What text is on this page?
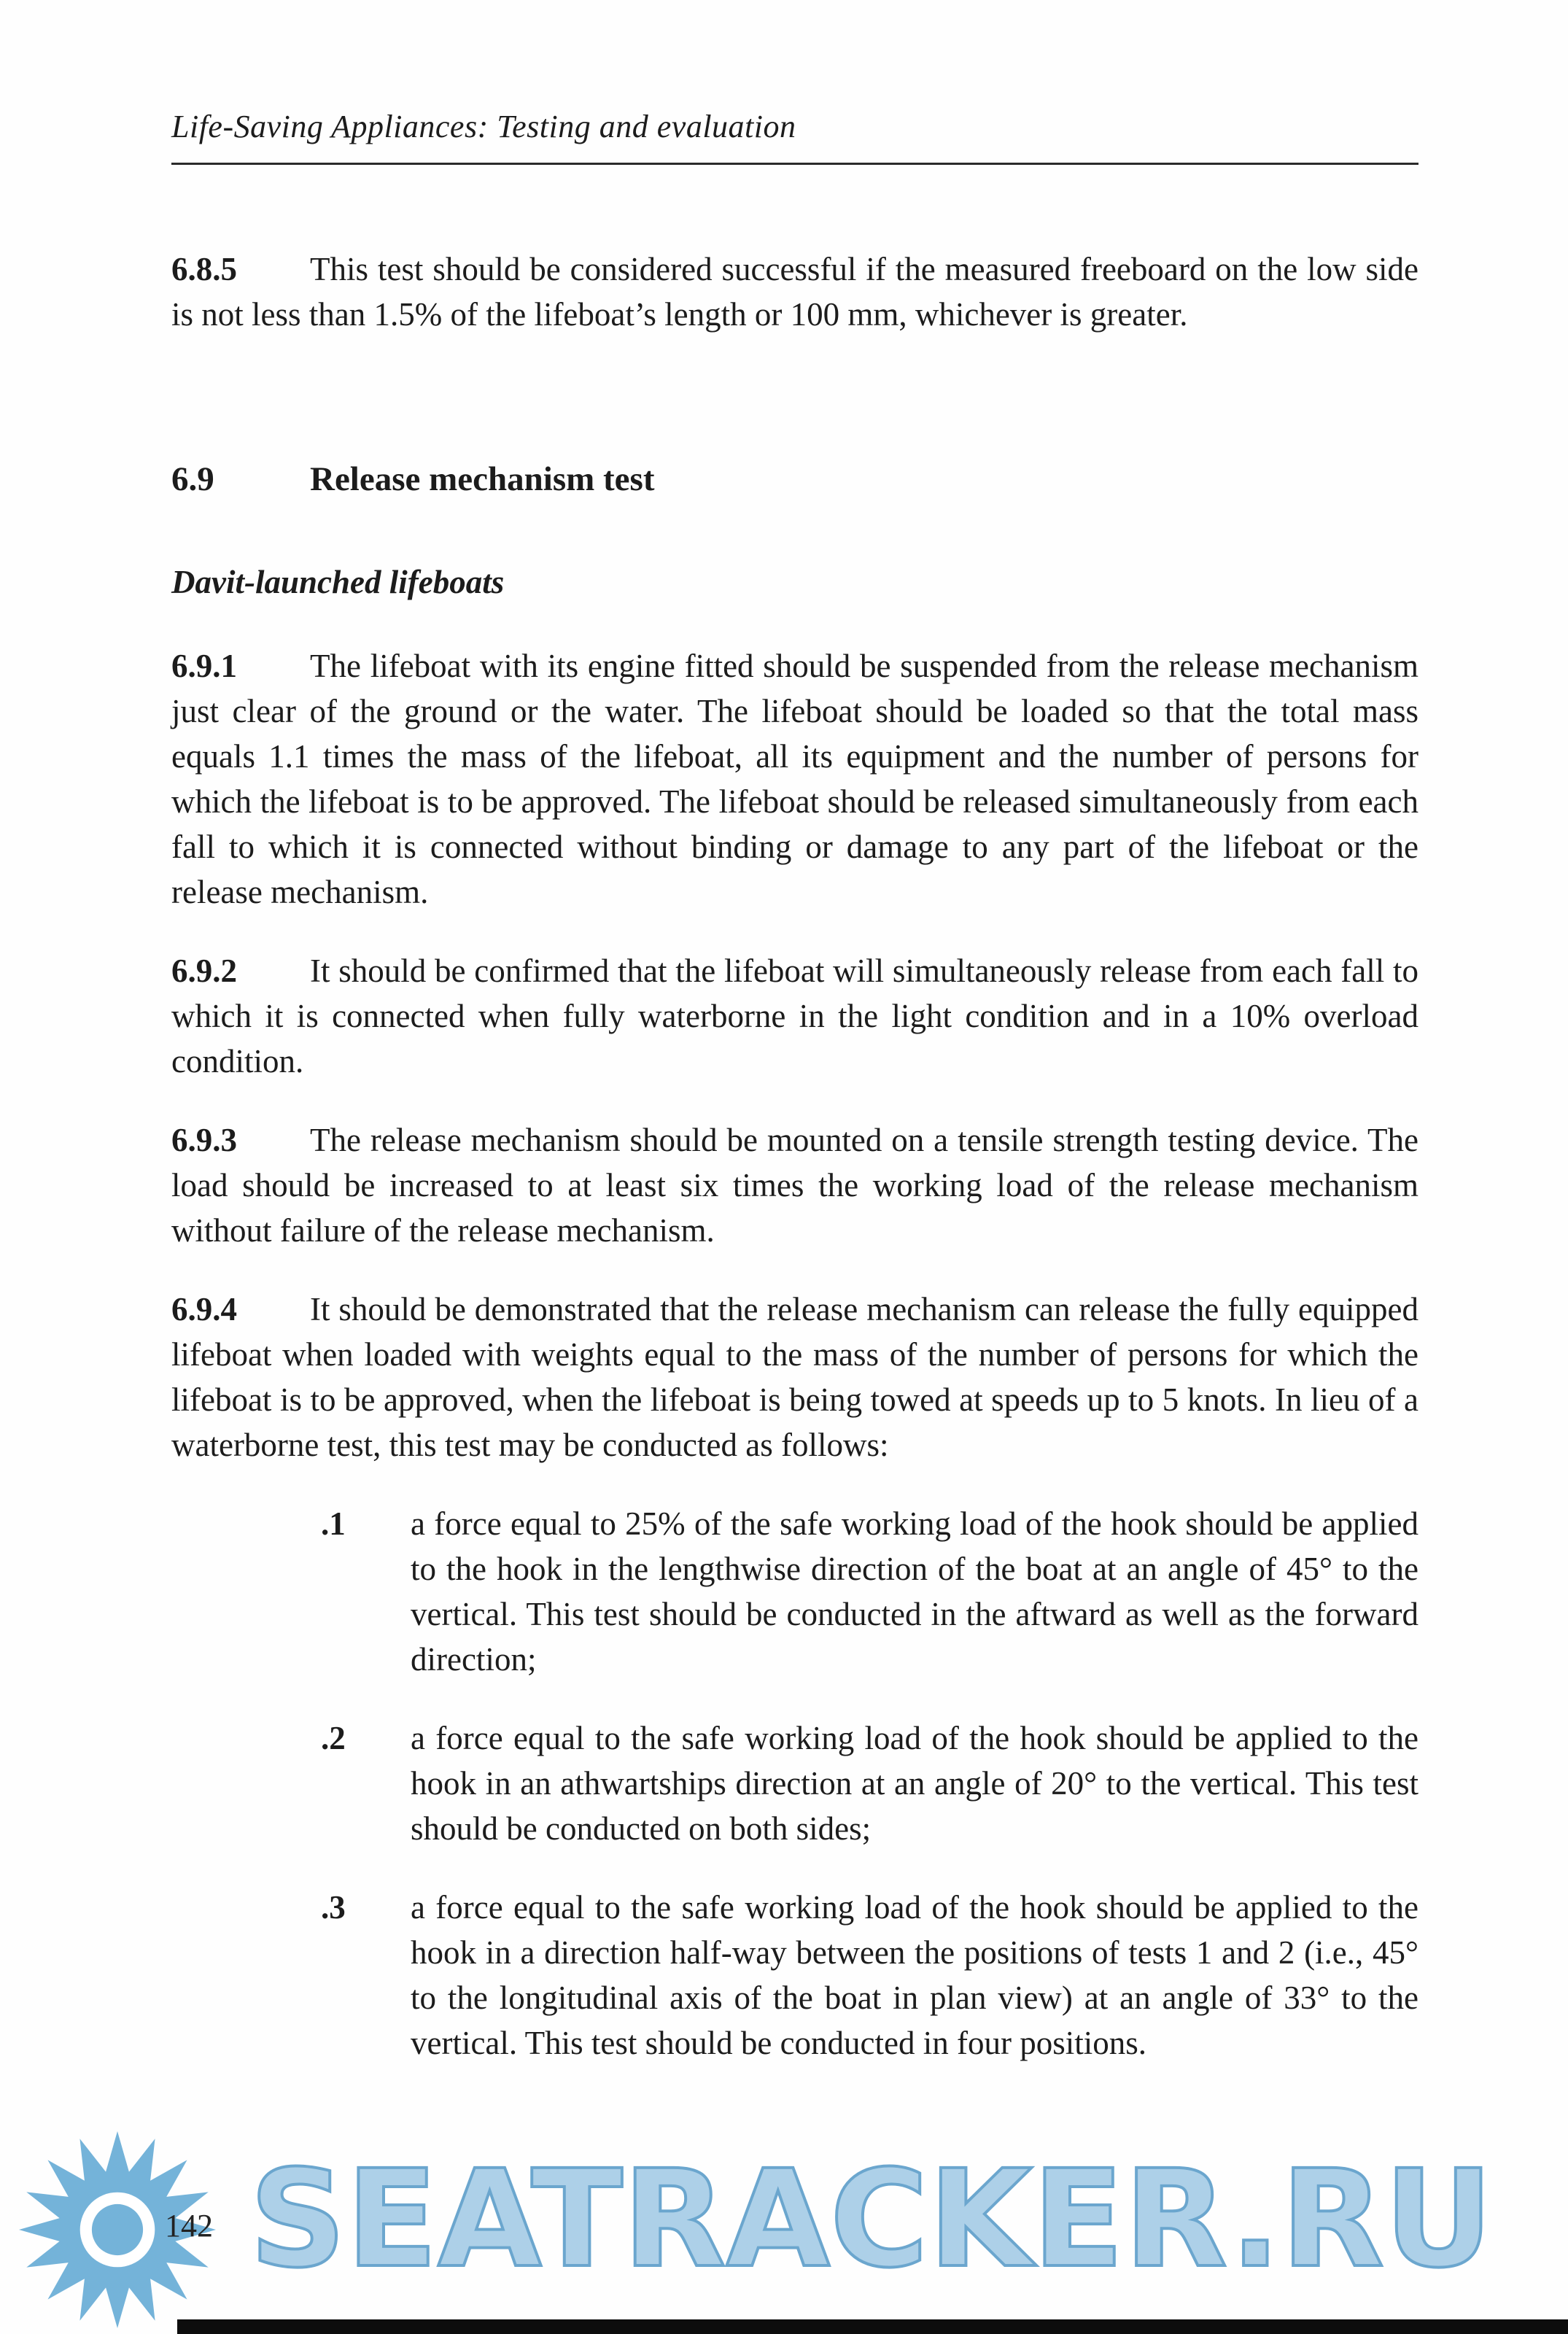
Life-Saving Appliances: Testing and evaluation

6.8.5 This test should be considered successful if the measured freeboard on the low side is not less than 1.5% of the lifeboat’s length or 100 mm, whichever is greater.

6.9	Release mechanism test
Davit-launched lifeboats

6.9.1 The lifeboat with its engine fitted should be suspended from the release mechanism just clear of the ground or the water. The lifeboat should be loaded so that the total mass equals 1.1 times the mass of the lifeboat, all its equipment and the number of persons for which the lifeboat is to be approved. The lifeboat should be released simultaneously from each fall to which it is connected without binding or damage to any part of the lifeboat or the release mechanism.

6.9.2 It should be confirmed that the lifeboat will simultaneously release from each fall to which it is connected when fully waterborne in the light condition and in a 10% overload condition.

6.9.3 The release mechanism should be mounted on a tensile strength testing device. The load should be increased to at least six times the working load of the release mechanism without failure of the release mechanism.

6.9.4 It should be demonstrated that the release mechanism can release the fully equipped lifeboat when loaded with weights equal to the mass of the number of persons for which the lifeboat is to be approved, when the lifeboat is being towed at speeds up to 5 knots. In lieu of a waterborne test, this test may be conducted as follows:

.1	a force equal to 25% of the safe working load of the hook should be applied to the hook in the lengthwise direction of the boat at an angle of 45° to the vertical. This test should be conducted in the aftward as well as the forward direction;
.2	a force equal to the safe working load of the hook should be applied to the hook in an athwartships direction at an angle of 20° to the vertical. This test should be conducted on both sides;
.3	a force equal to the safe working load of the hook should be applied to the hook in a direction half-way between the positions of tests 1 and 2 (i.e., 45° to the longitudinal axis of the boat in plan view) at an angle of 33° to the vertical. This test should be conducted in four positions.
SEATRACKER.RU
142
